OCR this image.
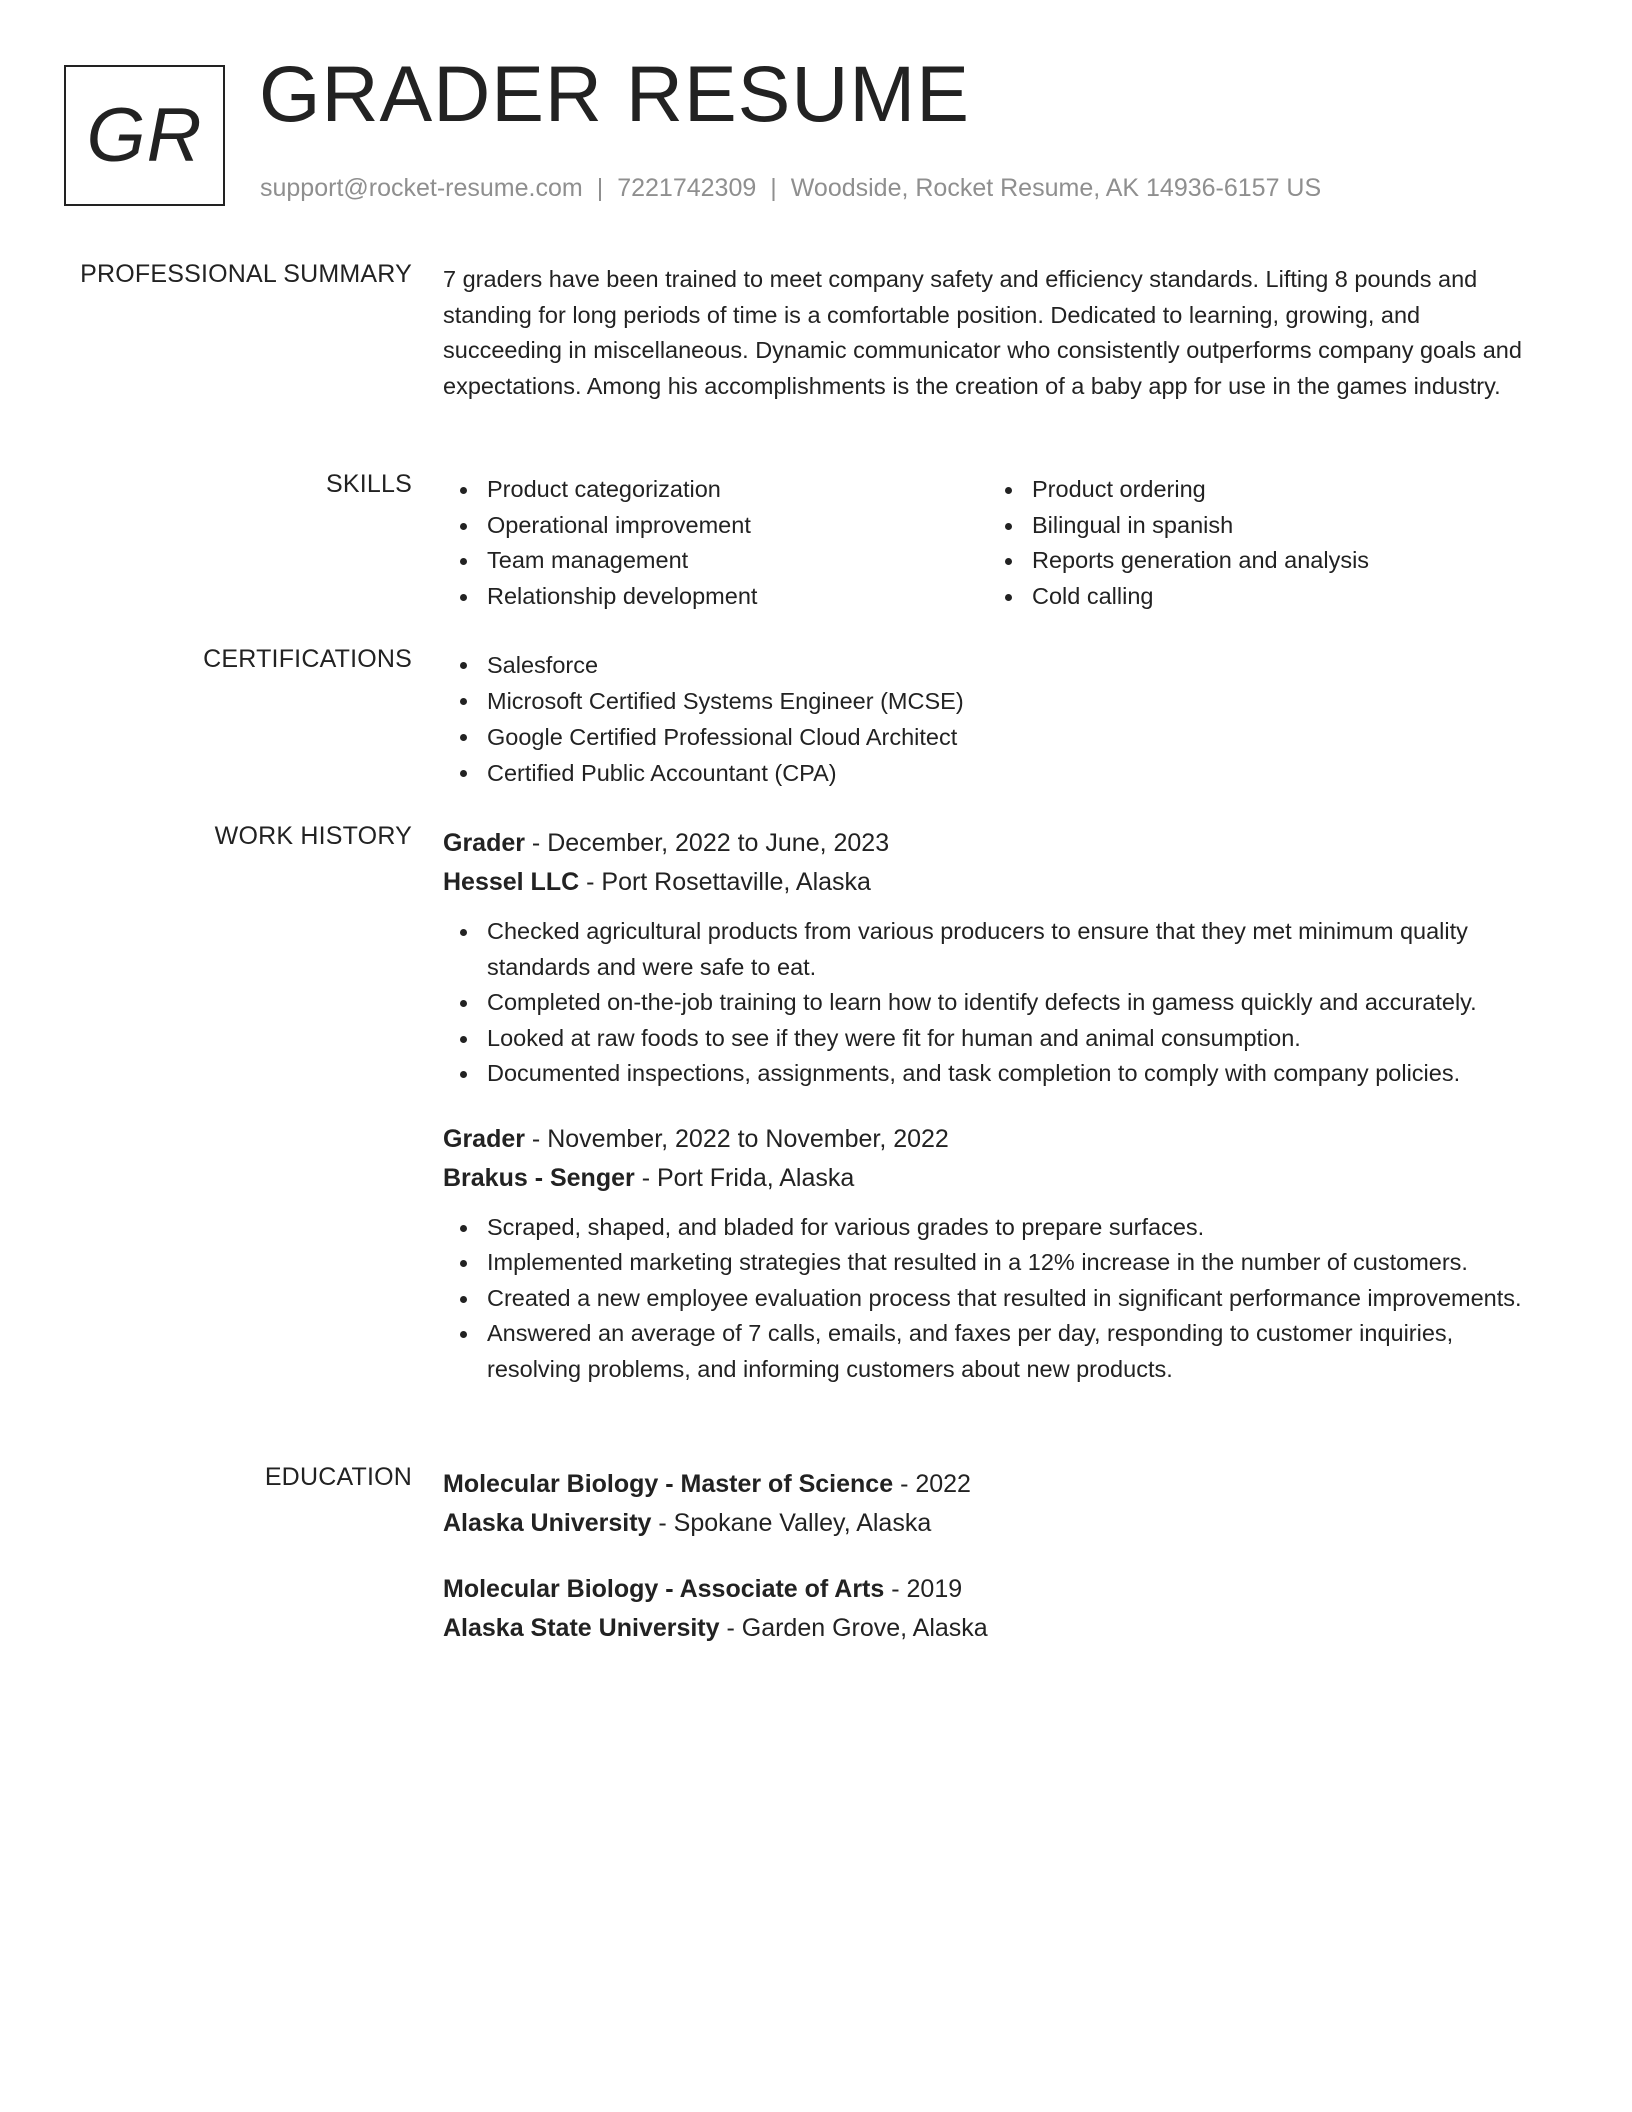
GR GRADER RESUME
support@rocket-resume.com | 7221742309 | Woodside, Rocket Resume, AK 14936-6157 US
PROFESSIONAL SUMMARY 7 graders have been trained to meet company safety and efficiency standards. Lifting 8 pounds and standing for long periods of time is a comfortable position. Dedicated to learning, growing, and succeeding in miscellaneous. Dynamic communicator who consistently outperforms company goals and expectations. Among his accomplishments is the creation of a baby app for use in the games industry.
SKILLS	Product categorization
Operational improvement
Team management
Relationship development
Product ordering
Bilingual in spanish
Reports generation and analysis
Cold calling
CERTIFICATIONS	Salesforce
Microsoft Certified Systems Engineer (MCSE)
Google Certified Professional Cloud Architect
Certified Public Accountant (CPA)
WORK HISTORY Grader - December, 2022 to June, 2023
Hessel LLC - Port Rosettaville, Alaska
Checked agricultural products from various producers to ensure that they met minimum quality standards and were safe to eat.
Completed on-the-job training to learn how to identify defects in gamess quickly and accurately.
Looked at raw foods to see if they were fit for human and animal consumption.
Documented inspections, assignments, and task completion to comply with company policies.
Grader - November, 2022 to November, 2022
Brakus - Senger - Port Frida, Alaska
Scraped, shaped, and bladed for various grades to prepare surfaces.
Implemented marketing strategies that resulted in a 12% increase in the number of customers.
Created a new employee evaluation process that resulted in significant performance improvements.
Answered an average of 7 calls, emails, and faxes per day, responding to customer inquiries, resolving problems, and informing customers about new products.
EDUCATION Molecular Biology - Master of Science - 2022
Alaska University - Spokane Valley, Alaska
Molecular Biology - Associate of Arts - 2019
Alaska State University - Garden Grove, Alaska
